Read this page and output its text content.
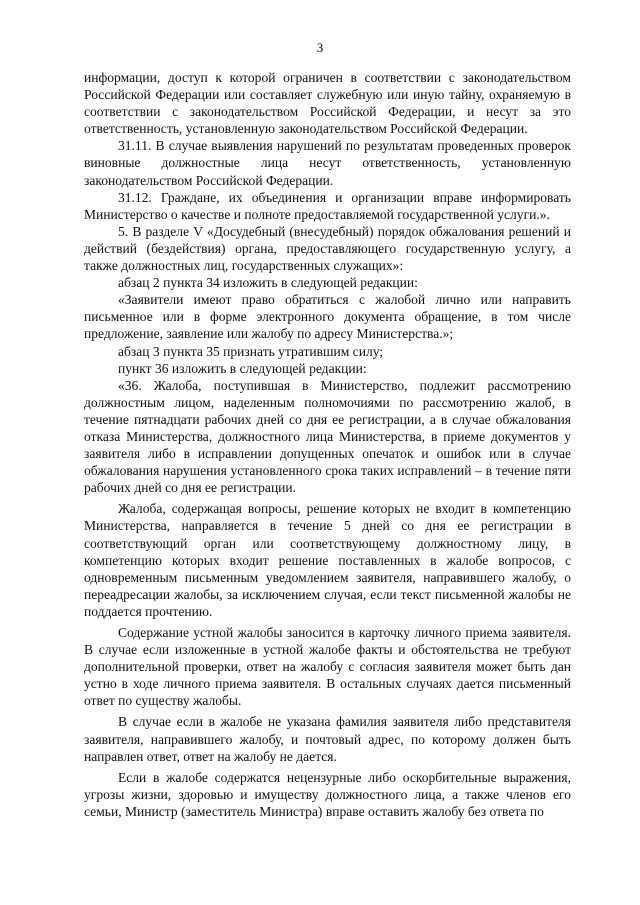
3

информации, доступ к которой ограничен в соответствии с законодательством Российской Федерации или составляет служебную или иную тайну, охраняемую в соответствии с законодательством Российской Федерации, и несут за это ответственность, установленную законодательством Российской Федерации.

31.11. В случае выявления нарушений по результатам проведенных проверок виновные должностные лица несут ответственность, установленную законодательством Российской Федерации.

31.12. Граждане, их объединения и организации вправе информировать Министерство о качестве и полноте предоставляемой государственной услуги.».

5. В разделе V «Досудебный (внесудебный) порядок обжалования решений и действий (бездействия) органа, предоставляющего государственную услугу, а также должностных лиц, государственных служащих»:

абзац 2 пункта 34 изложить в следующей редакции:

«Заявители имеют право обратиться с жалобой лично или направить письменное или в форме электронного документа обращение, в том числе предложение, заявление или жалобу по адресу Министерства.»;

абзац 3 пункта 35 признать утратившим силу;

пункт 36 изложить в следующей редакции:

«36. Жалоба, поступившая в Министерство, подлежит рассмотрению должностным лицом, наделенным полномочиями по рассмотрению жалоб, в течение пятнадцати рабочих дней со дня ее регистрации, а в случае обжалования отказа Министерства, должностного лица Министерства, в приеме документов у заявителя либо в исправлении допущенных опечаток и ошибок или в случае обжалования нарушения установленного срока таких исправлений – в течение пяти рабочих дней со дня ее регистрации.

Жалоба, содержащая вопросы, решение которых не входит в компетенцию Министерства, направляется в течение 5 дней со дня ее регистрации в соответствующий орган или соответствующему должностному лицу, в компетенцию которых входит решение поставленных в жалобе вопросов, с одновременным письменным уведомлением заявителя, направившего жалобу, о переадресации жалобы, за исключением случая, если текст письменной жалобы не поддается прочтению.

Содержание устной жалобы заносится в карточку личного приема заявителя. В случае если изложенные в устной жалобе факты и обстоятельства не требуют дополнительной проверки, ответ на жалобу с согласия заявителя может быть дан устно в ходе личного приема заявителя. В остальных случаях дается письменный ответ по существу жалобы.

В случае если в жалобе не указана фамилия заявителя либо представителя заявителя, направившего жалобу, и почтовый адрес, по которому должен быть направлен ответ, ответ на жалобу не дается.

Если в жалобе содержатся нецензурные либо оскорбительные выражения, угрозы жизни, здоровью и имуществу должностного лица, а также членов его семьи, Министр (заместитель Министра) вправе оставить жалобу без ответа по
